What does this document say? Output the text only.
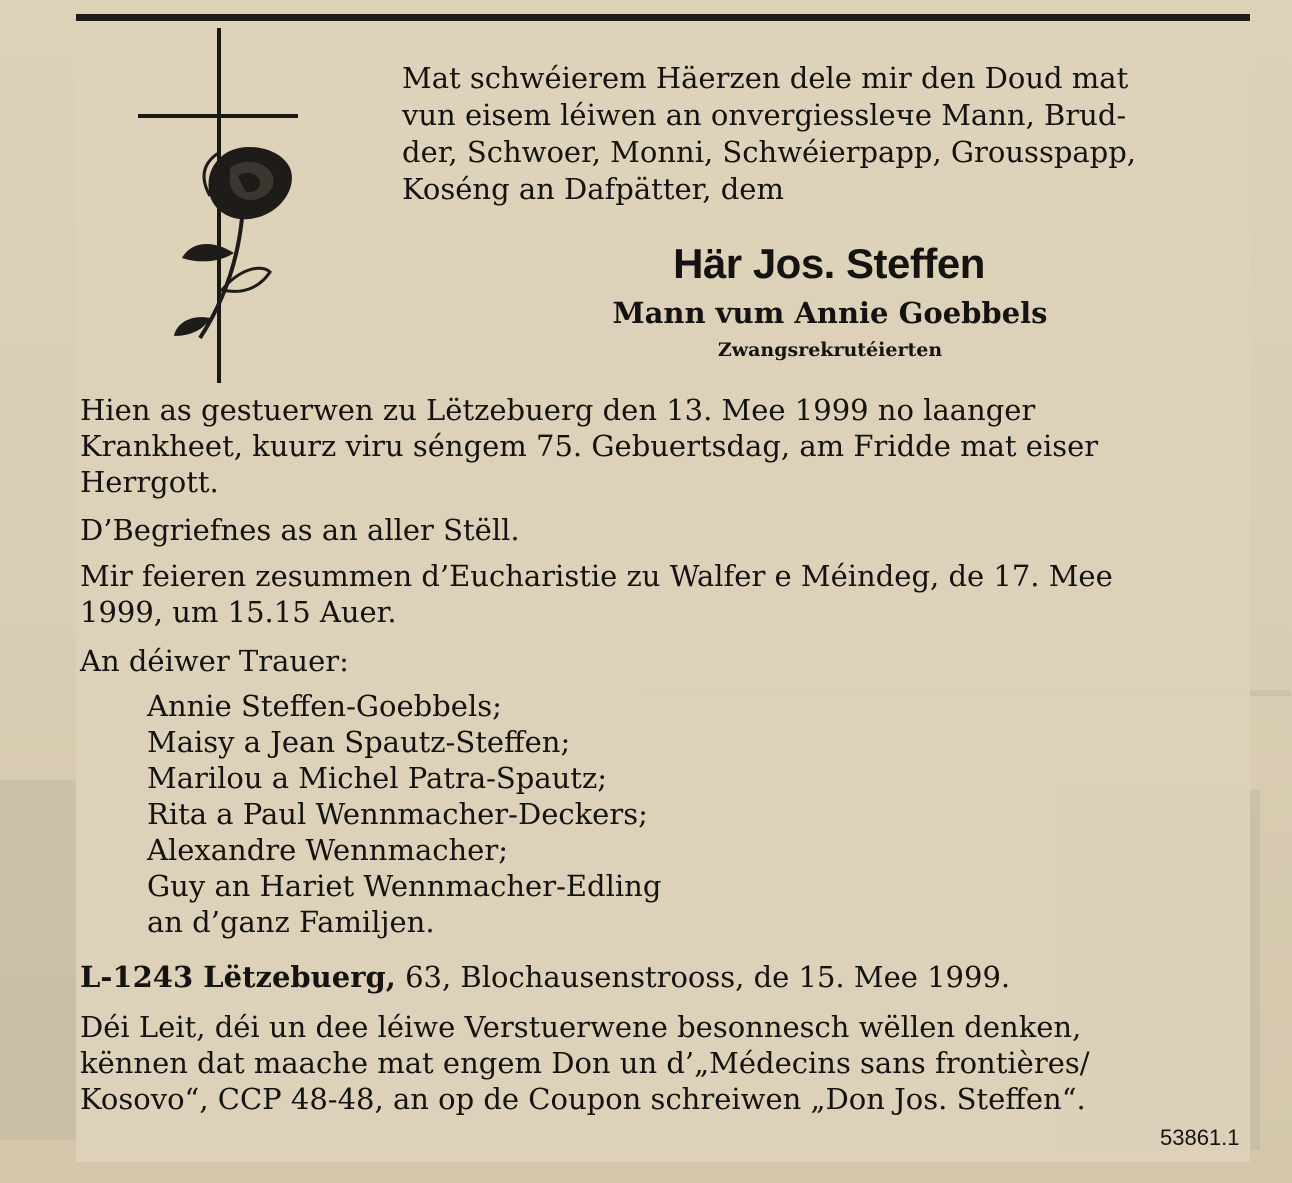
Mat schwéierem Häerzen dele mir den Doud mat
vun eisem léiwen an onvergiesslече Mann, Brud-
der, Schwoer, Monni, Schwéierpapp, Grousspapp,
Koséng an Dafpätter, dem
Här Jos. Steffen
Mann vum Annie Goebbels
Zwangsrekrutéierten
Hien as gestuerwen zu Lëtzebuerg den 13. Mee 1999 no laanger
Krankheet, kuurz viru séngem 75. Gebuertsdag, am Fridde mat eiser
Herrgott.
D’Begriefnes as an aller Stëll.
Mir feieren zesummen d’Eucharistie zu Walfer e Méindeg, de 17. Mee
1999, um 15.15 Auer.
An déiwer Trauer:
Annie Steffen-Goebbels;
Maisy a Jean Spautz-Steffen;
Marilou a Michel Patra-Spautz;
Rita a Paul Wennmacher-Deckers;
Alexandre Wennmacher;
Guy an Hariet Wennmacher-Edling
an d’ganz Familjen.
L-1243 Lëtzebuerg, 63, Blochausenstrooss, de 15. Mee 1999.
Déi Leit, déi un dee léiwe Verstuerwene besonnesch wëllen denken,
kënnen dat maache mat engem Don un d’„Médecins sans frontières/
Kosovo“, CCP 48-48, an op de Coupon schreiwen „Don Jos. Steffen“.
53861.1
